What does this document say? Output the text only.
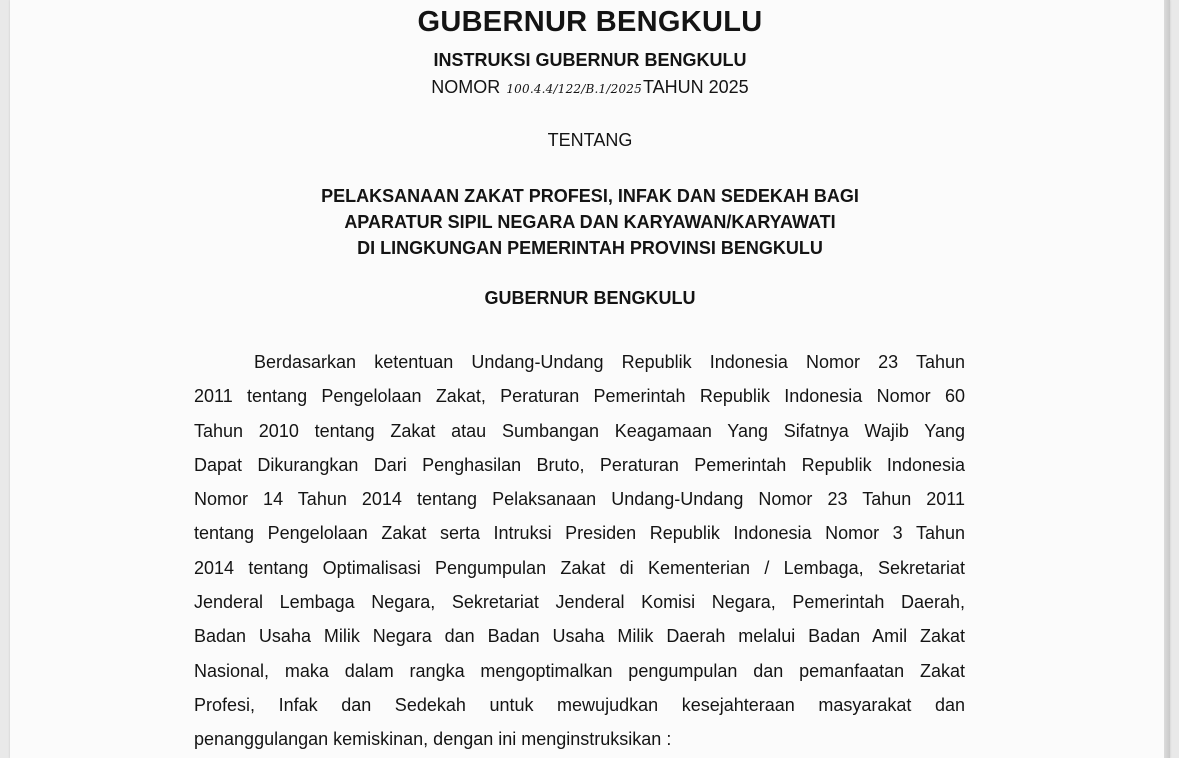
GUBERNUR BENGKULU
INSTRUKSI GUBERNUR BENGKULU
NOMOR 100.4.4/122/B.1/2025TAHUN 2025
TENTANG
PELAKSANAAN ZAKAT PROFESI, INFAK DAN SEDEKAH BAGI
APARATUR SIPIL NEGARA DAN KARYAWAN/KARYAWATI
DI LINGKUNGAN PEMERINTAH PROVINSI BENGKULU
GUBERNUR BENGKULU
Berdasarkan ketentuan Undang-Undang Republik Indonesia Nomor 23 Tahun
2011 tentang Pengelolaan Zakat, Peraturan Pemerintah Republik Indonesia Nomor 60
Tahun 2010 tentang Zakat atau Sumbangan Keagamaan Yang Sifatnya Wajib Yang
Dapat Dikurangkan Dari Penghasilan Bruto, Peraturan Pemerintah Republik Indonesia
Nomor 14 Tahun 2014 tentang Pelaksanaan Undang-Undang Nomor 23 Tahun 2011
tentang Pengelolaan Zakat serta Intruksi Presiden Republik Indonesia Nomor 3 Tahun
2014 tentang Optimalisasi Pengumpulan Zakat di Kementerian / Lembaga, Sekretariat
Jenderal Lembaga Negara, Sekretariat Jenderal Komisi Negara, Pemerintah Daerah,
Badan Usaha Milik Negara dan Badan Usaha Milik Daerah melalui Badan Amil Zakat
Nasional, maka dalam rangka mengoptimalkan pengumpulan dan pemanfaatan Zakat
Profesi, Infak dan Sedekah untuk mewujudkan kesejahteraan masyarakat dan
penanggulangan kemiskinan, dengan ini menginstruksikan :
